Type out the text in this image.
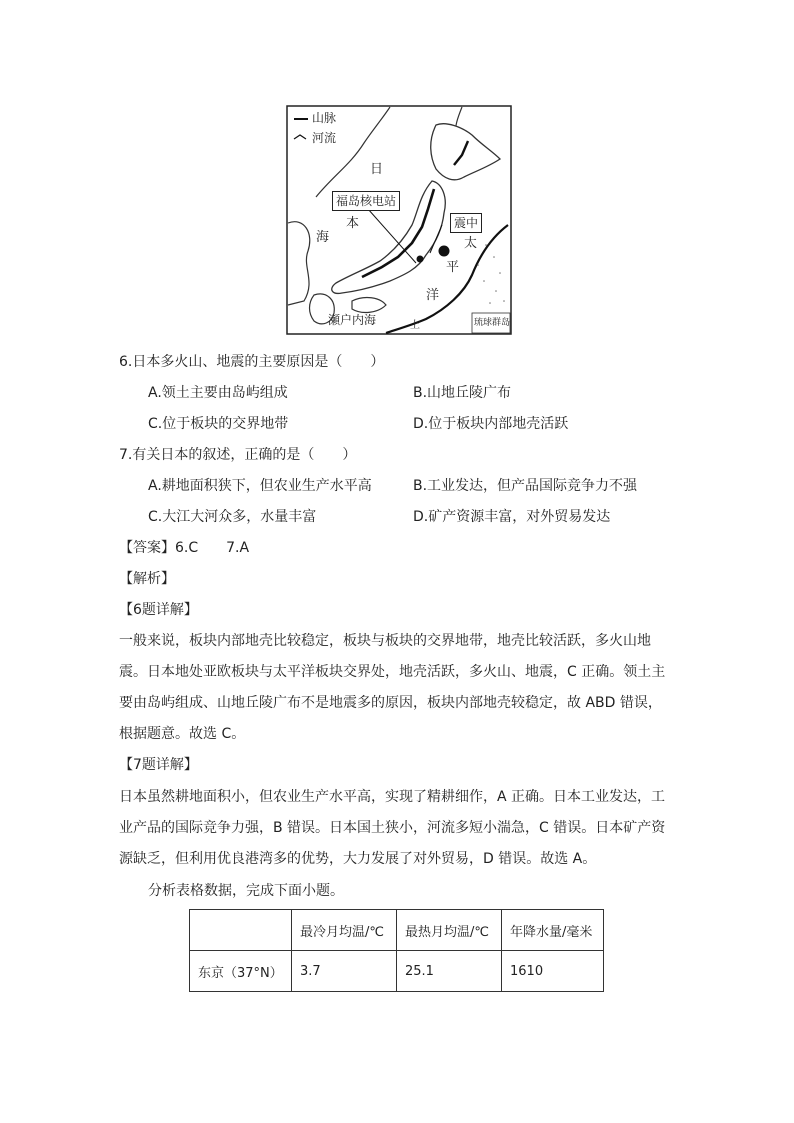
山脉
河流
日
本
海
福岛核电站
震中
太
平
洋
瀬户内海	上	琉球群岛
6.日本多火山、地震的主要原因是（　　）
A.领土主要由岛屿组成	B.山地丘陵广布
C.位于板块的交界地带	D.位于板块内部地壳活跃
7.有关日本的叙述，正确的是（　　）
A.耕地面积狭下，但农业生产水平高	B.工业发达，但产品国际竞争力不强
C.大江大河众多，水量丰富	D.矿产资源丰富，对外贸易发达
【答案】6.C　　7.A
【解析】
【6题详解】
一般来说，板块内部地壳比较稳定，板块与板块的交界地带，地壳比较活跃，多火山地
震。日本地处亚欧板块与太平洋板块交界处，地壳活跃，多火山、地震，C 正确。领土主
要由岛屿组成、山地丘陵广布不是地震多的原因，板块内部地壳较稳定，故 ABD 错误，
根据题意。故选 C。
【7题详解】
日本虽然耕地面积小，但农业生产水平高，实现了精耕细作，A 正确。日本工业发达，工
业产品的国际竞争力强，B 错误。日本国土狭小，河流多短小湍急，C 错误。日本矿产资
源缺乏，但利用优良港湾多的优势，大力发展了对外贸易，D 错误。故选 A。
分析表格数据，完成下面小题。
	最冷月均温/℃	最热月均温/℃	年降水量/毫米
东京（37°N）	3.7	25.1	1610
